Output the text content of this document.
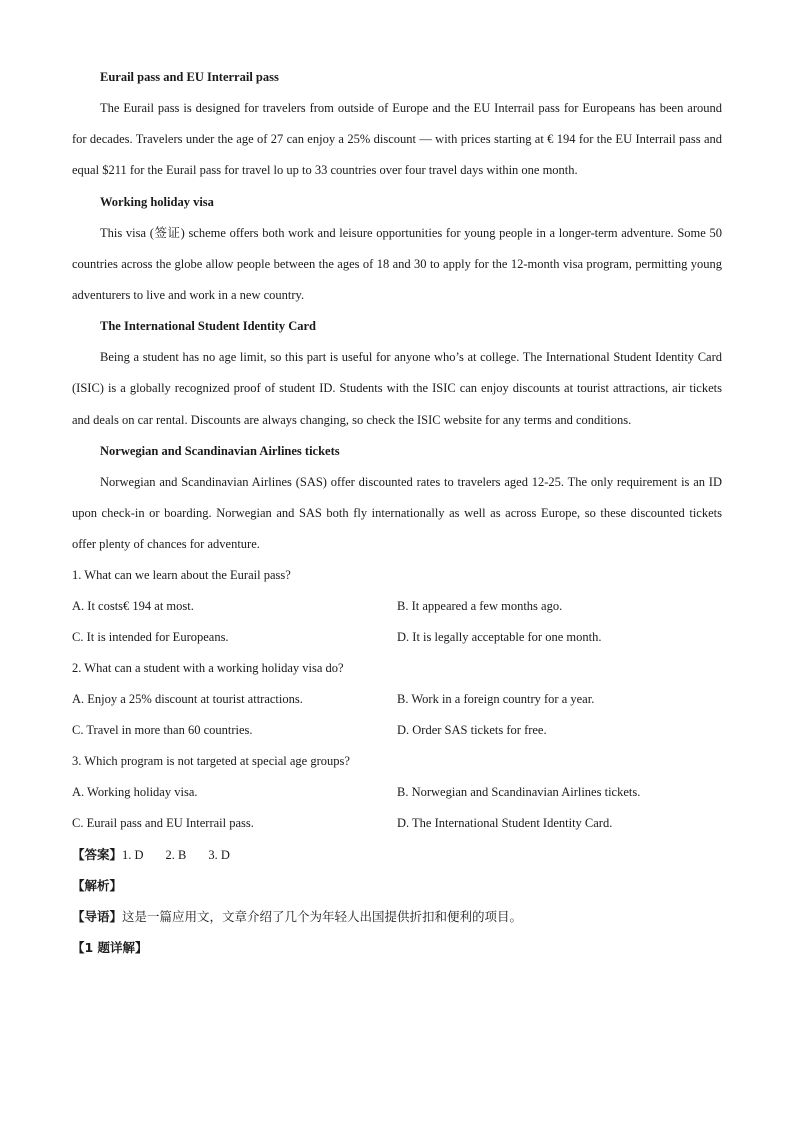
Eurail pass and EU Interrail pass

The Eurail pass is designed for travelers from outside of Europe and the EU Interrail pass for Europeans has been around for decades. Travelers under the age of 27 can enjoy a 25% discount — with prices starting at € 194 for the EU Interrail pass and equal $211 for the Eurail pass for travel lo up to 33 countries over four travel days within one month.

Working holiday visa

This visa (签证) scheme offers both work and leisure opportunities for young people in a longer-term adventure. Some 50 countries across the globe allow people between the ages of 18 and 30 to apply for the 12-month visa program, permitting young adventurers to live and work in a new country.

The International Student Identity Card

Being a student has no age limit, so this part is useful for anyone who’s at college. The International Student Identity Card (ISIC) is a globally recognized proof of student ID. Students with the ISIC can enjoy discounts at tourist attractions, air tickets and deals on car rental. Discounts are always changing, so check the ISIC website for any terms and conditions.

Norwegian and Scandinavian Airlines tickets

Norwegian and Scandinavian Airlines (SAS) offer discounted rates to travelers aged 12-25. The only requirement is an ID upon check-in or boarding. Norwegian and SAS both fly internationally as well as across Europe, so these discounted tickets offer plenty of chances for adventure.

1. What can we learn about the Eurail pass?
A. It costs€ 194 at most.	B. It appeared a few months ago.
C. It is intended for Europeans.	D. It is legally acceptable for one month.
2. What can a student with a working holiday visa do?
A. Enjoy a 25% discount at tourist attractions.	B. Work in a foreign country for a year.
C. Travel in more than 60 countries.	D. Order SAS tickets for free.
3. Which program is not targeted at special age groups?
A. Working holiday visa.	B. Norwegian and Scandinavian Airlines tickets.
C. Eurail pass and EU Interrail pass.	D. The International Student Identity Card.
【答案】1. D 2. B 3. D
【解析】
【导语】这是一篇应用文，文章介绍了几个为年轻人出国提供折扣和便利的项目。
【1 题详解】
